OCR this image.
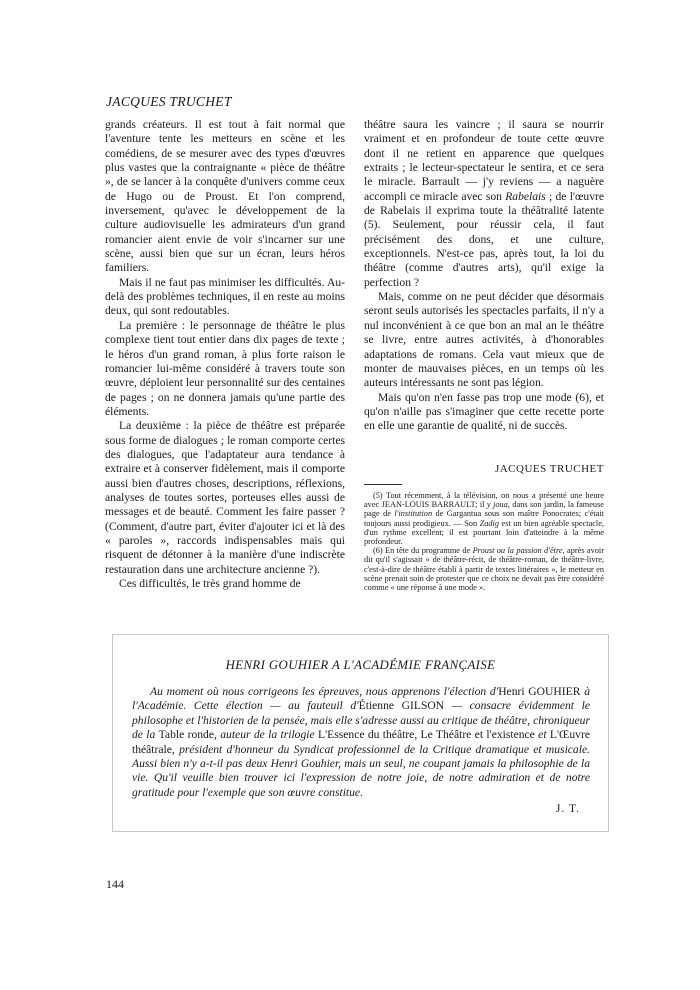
JACQUES TRUCHET

grands créateurs. Il est tout à fait normal que l'aventure tente les metteurs en scène et les comédiens, de se mesurer avec des types d'œuvres plus vastes que la contraignante « pièce de théâtre », de se lancer à la conquête d'univers comme ceux de Hugo ou de Proust. Et l'on comprend, inversement, qu'avec le développement de la culture audiovisuelle les admirateurs d'un grand romancier aient envie de voir s'incarner sur une scène, aussi bien que sur un écran, leurs héros familiers.

Mais il ne faut pas minimiser les difficultés. Au-delà des problèmes techniques, il en reste au moins deux, qui sont redoutables.

La première : le personnage de théâtre le plus complexe tient tout entier dans dix pages de texte ; le héros d'un grand roman, à plus forte raison le romancier lui-même considéré à travers toute son œuvre, déploient leur personnalité sur des centaines de pages ; on ne donnera jamais qu'une partie des éléments.

La deuxième : la pièce de théâtre est préparée sous forme de dialogues ; le roman comporte certes des dialogues, que l'adaptateur aura tendance à extraire et à conserver fidèlement, mais il comporte aussi bien d'autres choses, descriptions, réflexions, analyses de toutes sortes, porteuses elles aussi de messages et de beauté. Comment les faire passer ? (Comment, d'autre part, éviter d'ajouter ici et là des « paroles », raccords indispensables mais qui risquent de détonner à la manière d'une indiscrète restauration dans une architecture ancienne ?).

Ces difficultés, le très grand homme de

théâtre saura les vaincre ; il saura se nourrir vraiment et en profondeur de toute cette œuvre dont il ne retient en apparence que quelques extraits ; le lecteur-spectateur le sentira, et ce sera le miracle. Barrault — j'y reviens — a naguère accompli ce miracle avec son Rabelais ; de l'œuvre de Rabelais il exprima toute la théâtralité latente (5). Seulement, pour réussir cela, il faut précisément des dons, et une culture, exceptionnels. N'est-ce pas, après tout, la loi du théâtre (comme d'autres arts), qu'il exige la perfection ?

Mais, comme on ne peut décider que désormais seront seuls autorisés les spectacles parfaits, il n'y a nul inconvénient à ce que bon an mal an le théâtre se livre, entre autres activités, à d'honorables adaptations de romans. Cela vaut mieux que de monter de mauvaises pièces, en un temps où les auteurs intéressants ne sont pas légion.

Mais qu'on n'en fasse pas trop une mode (6), et qu'on n'aille pas s'imaginer que cette recette porte en elle une garantie de qualité, ni de succès.

JACQUES TRUCHET

(5) Tout récemment, à la télévision, on nous a présenté une heure avec JEAN-LOUIS BARRAULT; il y joua, dans son jardin, la fameuse page de l'institution de Gargantua sous son maître Ponocrates; c'était toujours aussi prodigieux. — Son Zadig est un bien agréable spectacle, d'un rythme excellent; il est pourtant loin d'atteindre à la même profondeur.

(6) En tête du programme de Proust ou la passion d'être, après avoir dit qu'il s'agissait « de théâtre-récit, de théâtre-roman, de théâtre-livre, c'est-à-dire de théâtre établi à partir de textes littéraires », le metteur en scène prenait soin de protester que ce choix ne devait pas être considéré comme « une réponse à une mode ».

HENRI GOUHIER A L'ACADÉMIE FRANÇAISE

Au moment où nous corrigeons les épreuves, nous apprenons l'élection d'Henri GOUHIER à l'Académie. Cette élection — au fauteuil d'Étienne GILSON — consacre évidemment le philosophe et l'historien de la pensée, mais elle s'adresse aussi au critique de théâtre, chroniqueur de la Table ronde, auteur de la trilogie L'Essence du théâtre, Le Théâtre et l'existence et L'Œuvre théâtrale, président d'honneur du Syndicat professionnel de la Critique dramatique et musicale. Aussi bien n'y a-t-il pas deux Henri Gouhier, mais un seul, ne coupant jamais la philosophie de la vie. Qu'il veuille bien trouver ici l'expression de notre joie, de notre admiration et de notre gratitude pour l'exemple que son œuvre constitue.

J. T.
144
